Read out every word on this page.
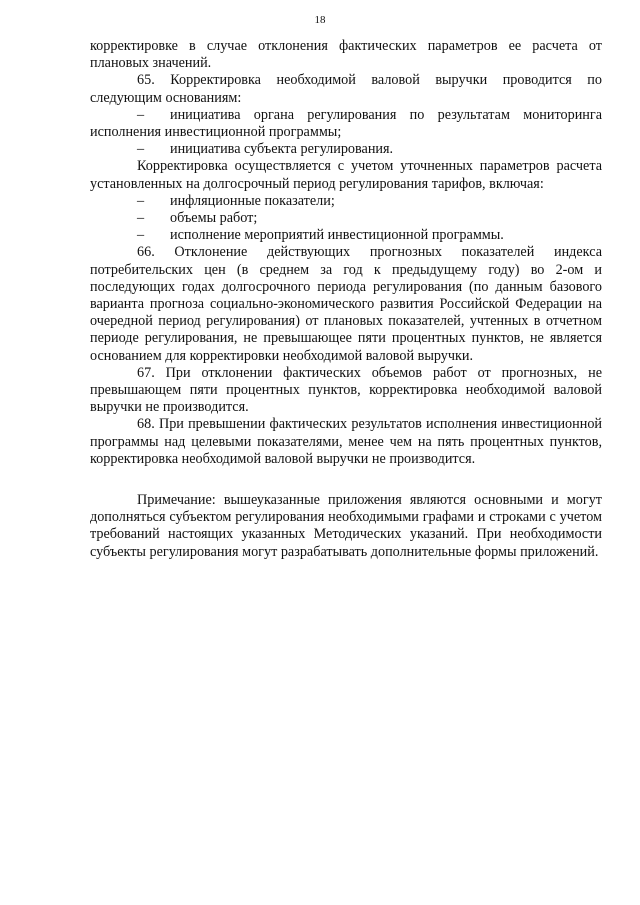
18

корректировке в случае отклонения фактических параметров ее расчета от плановых значений.

65. Корректировка необходимой валовой выручки проводится по следующим основаниям:

– инициатива органа регулирования по результатам мониторинга исполнения инвестиционной программы;

– инициатива субъекта регулирования.

Корректировка осуществляется с учетом уточненных параметров расчета установленных на долгосрочный период регулирования тарифов, включая:

– инфляционные показатели;

– объемы работ;

– исполнение мероприятий инвестиционной программы.

66. Отклонение действующих прогнозных показателей индекса потребительских цен (в среднем за год к предыдущему году) во 2-ом и последующих годах долгосрочного периода регулирования (по данным базового варианта прогноза социально-экономического развития Российской Федерации на очередной период регулирования) от плановых показателей, учтенных в отчетном периоде регулирования, не превышающее пяти процентных пунктов, не является основанием для корректировки необходимой валовой выручки.

67. При отклонении фактических объемов работ от прогнозных, не превышающем пяти процентных пунктов, корректировка необходимой валовой выручки не производится.

68. При превышении фактических результатов исполнения инвестиционной программы над целевыми показателями, менее чем на пять процентных пунктов, корректировка необходимой валовой выручки не производится.

Примечание: вышеуказанные приложения являются основными и могут дополняться субъектом регулирования необходимыми графами и строками с учетом требований настоящих указанных Методических указаний. При необходимости субъекты регулирования могут разрабатывать дополнительные формы приложений.
